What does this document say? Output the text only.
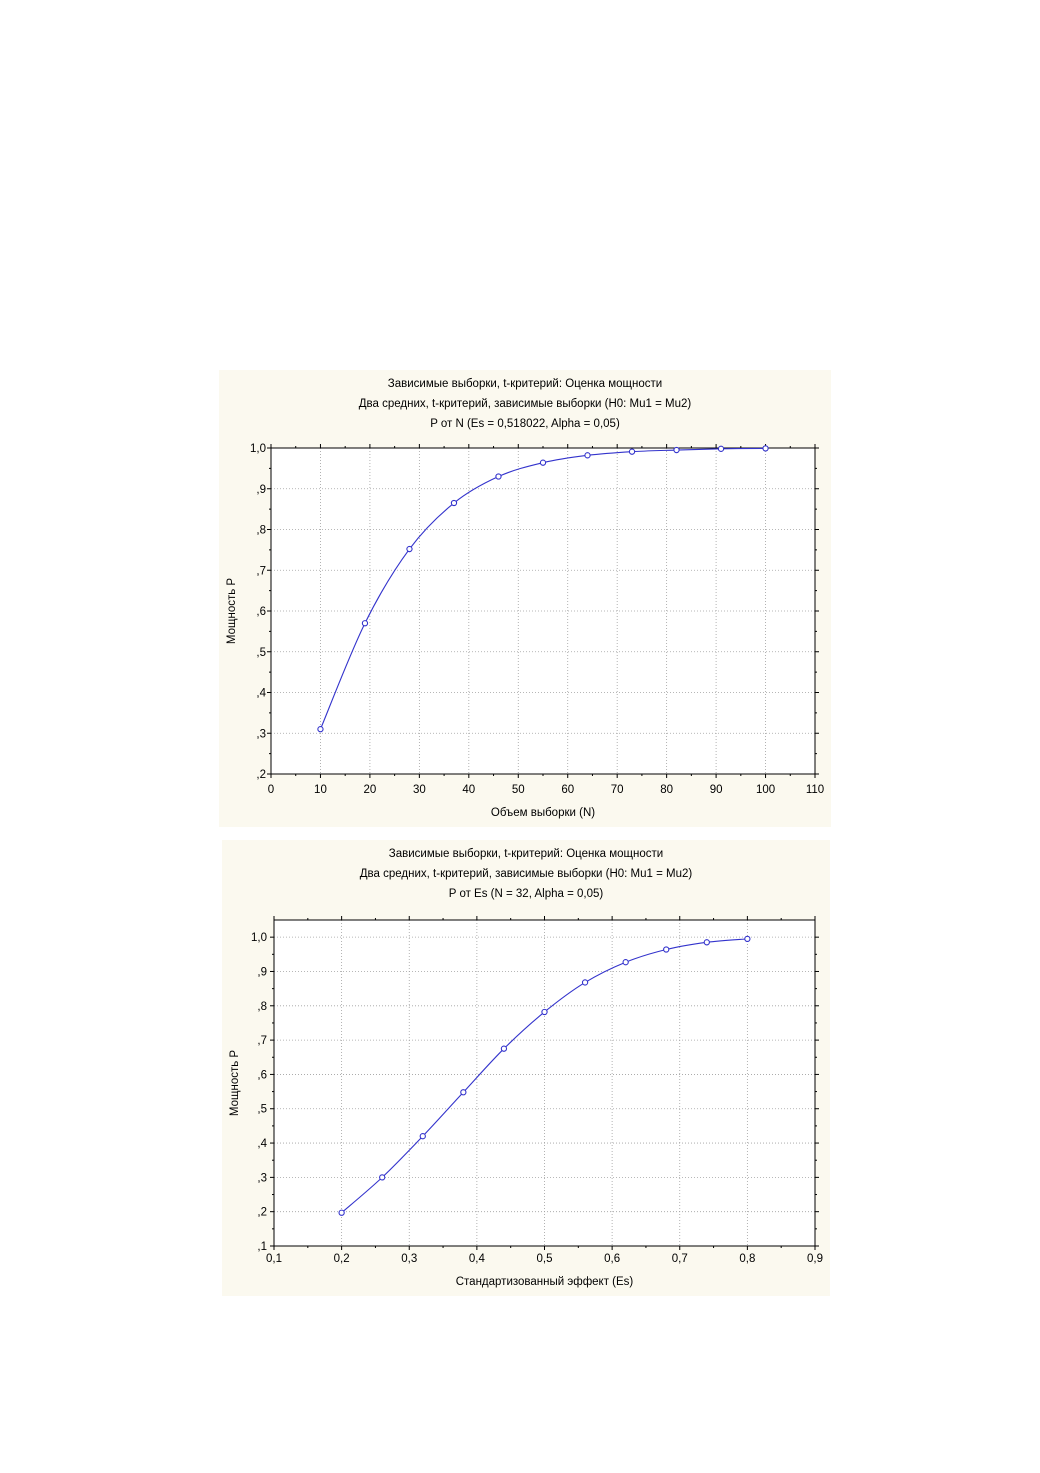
Зависимые выборки, t-критерий: Оценка мощности
Два средних, t-критерий, зависимые выборки (H0: Mu1 = Mu2)
P от N (Es = 0,518022, Alpha = 0,05)
0	10	20	30	40	50	60	70	80	90	100	110
,2
,3
,4
,5
,6
,7
,8
,9
1,0
Объем выборки (N)
Мощность P
Зависимые выборки, t-критерий: Оценка мощности
Два средних, t-критерий, зависимые выборки (H0: Mu1 = Mu2)
P от Es (N = 32, Alpha = 0,05)
0,1	0,2	0,3	0,4	0,5	0,6	0,7	0,8	0,9
,1
,2
,3
,4
,5
,6
,7
,8
,9
1,0
Стандартизованный эффект (Es)
Мощность P
